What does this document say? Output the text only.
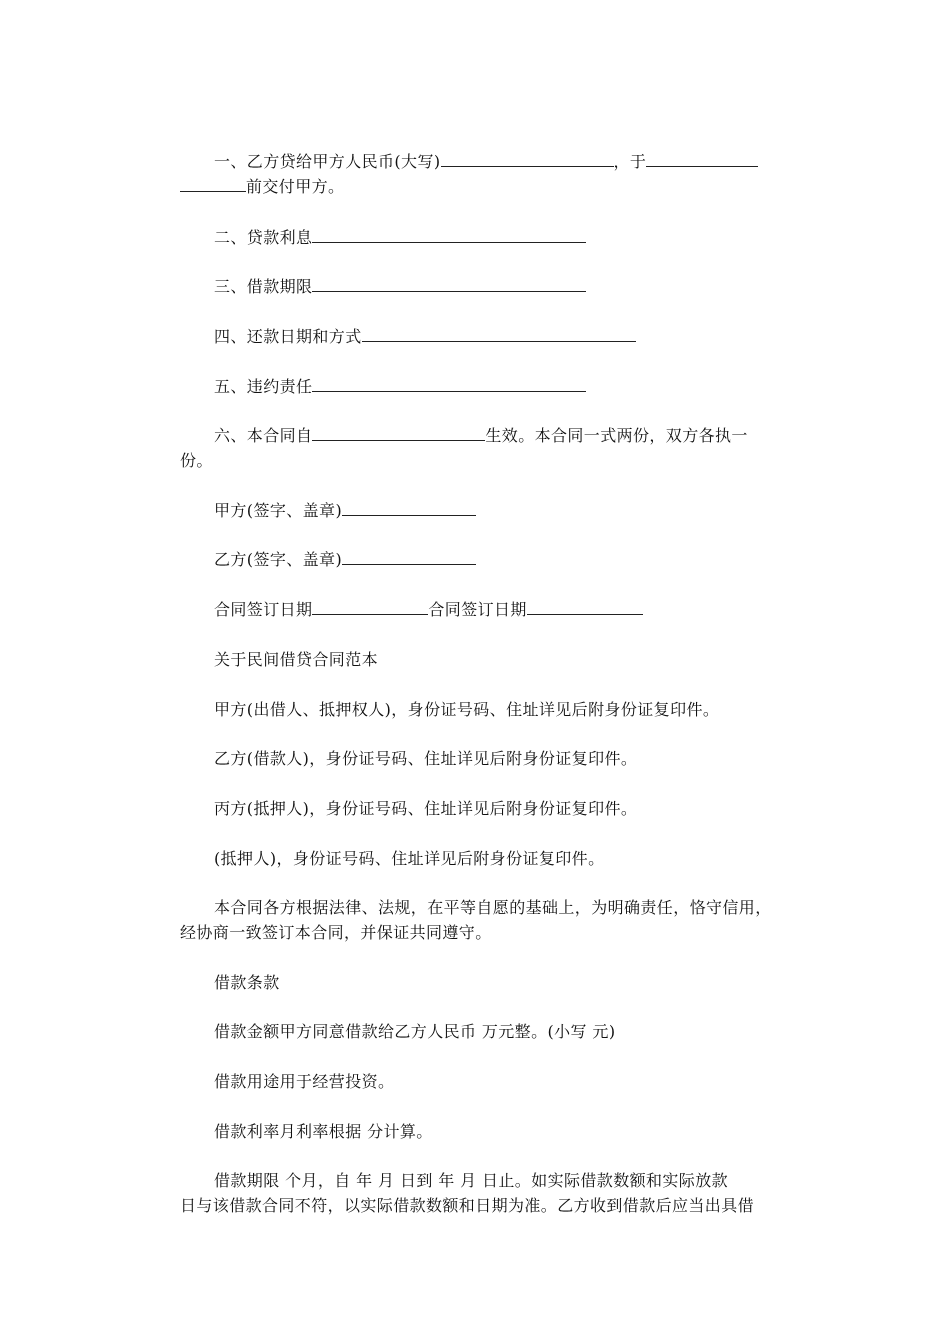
一、乙方贷给甲方人民币(大写)	，于
前交付甲方。
二、贷款利息
三、借款期限
四、还款日期和方式
五、违约责任
六、本合同自	生效。本合同一式两份，双方各执一
份。
甲方(签字、盖章)
乙方(签字、盖章)
合同签订日期	合同签订日期
关于民间借贷合同范本
甲方(出借人、抵押权人)，身份证号码、住址详见后附身份证复印件。
乙方(借款人)，身份证号码、住址详见后附身份证复印件。
丙方(抵押人)，身份证号码、住址详见后附身份证复印件。
(抵押人)，身份证号码、住址详见后附身份证复印件。
本合同各方根据法律、法规，在平等自愿的基础上，为明确责任，恪守信用，
经协商一致签订本合同，并保证共同遵守。
借款条款
借款金额甲方同意借款给乙方人民币 万元整。(小写 元)
借款用途用于经营投资。
借款利率月利率根据 分计算。
借款期限 个月，自 年 月 日到 年 月 日止。如实际借款数额和实际放款
日与该借款合同不符，以实际借款数额和日期为准。乙方收到借款后应当出具借
